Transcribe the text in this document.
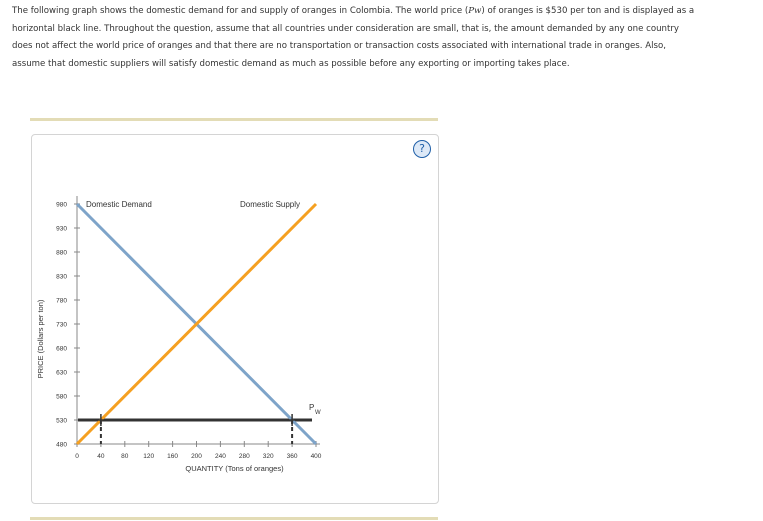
The following graph shows the domestic demand for and supply of oranges in Colombia. The world price (Pw) of oranges is $530 per ton and is displayed as a horizontal black line. Throughout the question, assume that all countries under consideration are small, that is, the amount demanded by any one country does not affect the world price of oranges and that there are no transportation or transaction costs associated with international trade in oranges. Also, assume that domestic suppliers will satisfy domestic demand as much as possible before any exporting or importing takes place.
?
480
530
580
630
680
730
780
830
880
930
980
0	40	80 120 160 200 240 280 320 360 400
QUANTITY (Tons of oranges)
PRICE (Dollars per ton)
Domestic Demand	Domestic Supply
P
W
